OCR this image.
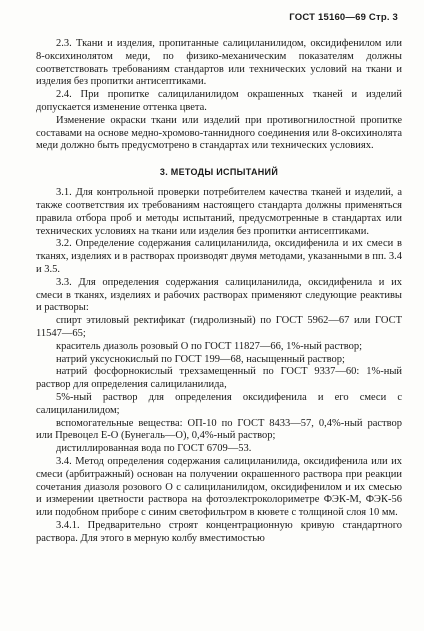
ГОСТ 15160—69 Стр. 3

2.3. Ткани и изделия, пропитанные салициланилидом, оксидифенилом или 8-оксихинолятом меди, по физико-механическим показателям должны соответствовать требованиям стандартов или технических условий на ткани и изделия без пропитки антисептиками.

2.4. При пропитке салициланилидом окрашенных тканей и изделий допускается изменение оттенка цвета.

Изменение окраски ткани или изделий при противогнилостной пропитке составами на основе медно-хромово-таннидного соединения или 8-оксихинолята меди должно быть предусмотрено в стандартах или технических условиях.

3. МЕТОДЫ ИСПЫТАНИЙ

3.1. Для контрольной проверки потребителем качества тканей и изделий, а также соответствия их требованиям настоящего стандарта должны применяться правила отбора проб и методы испытаний, предусмотренные в стандартах или технических условиях на ткани или изделия без пропитки антисептиками.

3.2. Определение содержания салициланилида, оксидифенила и их смеси в тканях, изделиях и в растворах производят двумя методами, указанными в пп. 3.4 и 3.5.

3.3. Для определения содержания салициланилида, оксидифенила и их смеси в тканях, изделиях и рабочих растворах применяют следующие реактивы и растворы:

спирт этиловый ректификат (гидролизный) по ГОСТ 5962—67 или ГОСТ 11547—65;

краситель диазоль розовый О по ГОСТ 11827—66, 1%-ный раствор;

натрий уксуснокислый по ГОСТ 199—68, насыщенный раствор;

натрий фосфорнокислый трехзамещенный по ГОСТ 9337—60: 1%-ный раствор для определения салициланилида,

5%-ный раствор для определения оксидифенила и его смеси с салициланилидом;

вспомогательные вещества: ОП-10 по ГОСТ 8433—57, 0,4%-ный раствор или Превоцел Е-О (Бунегаль—О), 0,4%-ный раствор;

дистиллированная вода по ГОСТ 6709—53.

3.4. Метод определения содержания салициланилида, оксидифенила или их смеси (арбитражный) основан на получении окрашенного раствора при реакции сочетания диазоля розового О с салициланилидом, оксидифенилом и их смесью и измерении цветности раствора на фотоэлектроколориметре ФЭК-М, ФЭК-56 или подобном приборе с синим светофильтром в кювете с толщиной слоя 10 мм.

3.4.1. Предварительно строят концентрационную кривую стандартного раствора. Для этого в мерную колбу вместимостью
